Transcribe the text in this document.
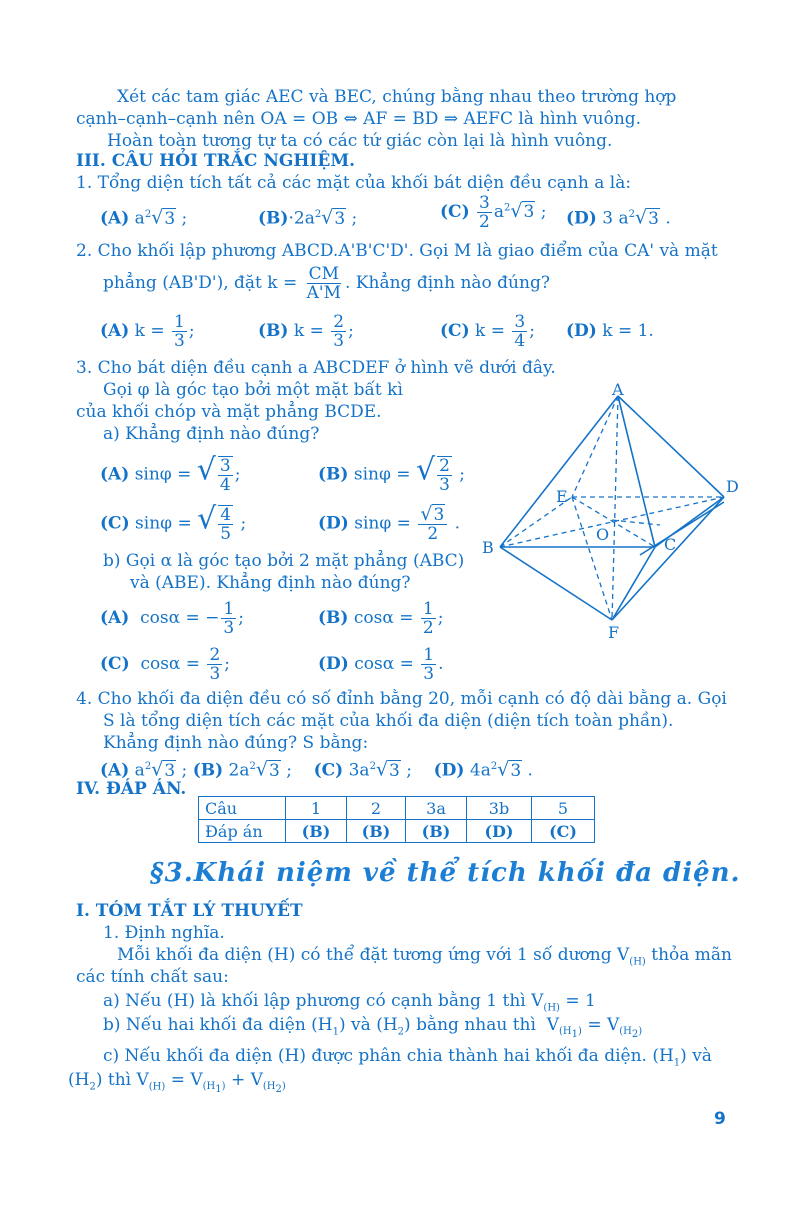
Xét các tam giác AEC và BEC, chúng bằng nhau theo trường hợp
cạnh–cạnh–cạnh nên OA = OB ⇔ AF = BD ⇒ AEFC là hình vuông.
Hoàn toàn tương tự ta có các tứ giác còn lại là hình vuông.
III. CÂU HỎI TRẮC NGHIỆM.
1. Tổng diện tích tất cả các mặt của khối bát diện đều cạnh a là:
(A) $a^2√3$ ;	$(B)\cdot 2a^2√3$ ;	$(C) \frac{3}{2} a^2√3$ ; (D) 3 $a^2√3$ .
2. Cho khối lập phương ABCD.A'B'C'D'. Gọi M là giao điểm của CA' và mặt
phẳng (AB'D'), đặt $k = \frac{CM}{A'M}$ . Khẳng định nào đúng?
(A) $k = \frac{1}{3}$ ;	(B) $k = \frac{2}{3}$ ;	(C) $k = \frac{3}{4}$ ; (D) k = 1.
3. Cho bát diện đều cạnh a ABCDEF ở hình vẽ dưới đây.
Gọi φ là góc tạo bởi một mặt bất kì
của khối chóp và mặt phẳng BCDE.
a) Khẳng định nào đúng?
(A) sinφ = √ $\frac{3}{4}$ ;	(B) sinφ = √ $\frac{2}{3}$ ;
(C) sinφ = √ $\frac{4}{5}$ ;	(D) $\sin\varphi = \frac{√3}{2}$ .
b) Gọi α là góc tạo bởi 2 mặt phẳng (ABC)
và (ABE). Khẳng định nào đúng?
(A) cosα = − $\frac{1}{3}$ ;	(B) $\cos\alpha = \frac{1}{2}$ ;
(C) $\cos\alpha = \frac{2}{3}$ ;	(D) $\cos\alpha = \frac{1}{3}$ .
A
B	C
D
E
O
F
4. Cho khối đa diện đều có số đỉnh bằng 20, mỗi cạnh có độ dài bằng a. Gọi
S là tổng diện tích các mặt của khối đa diện (diện tích toàn phần).
Khẳng định nào đúng? S bằng:
(A) $a^2√3$ ; (B) $2a^2√3$ ;    (C) $3a^2√3$ ;    (D) $4a^2√3$ .
IV. ĐÁP ÁN.
Câu	1	2	3a	3b	5
Đáp án	(B)	(B)	(B)	(D)	(C)
§3.Khái niệm về thể tích khối đa diện.
I. TÓM TẮT LÝ THUYẾT
1. Định nghĩa.
Mỗi khối đa diện (H) có thể đặt tương ứng với 1 số dương $V_{(H)}$ thỏa mãn
các tính chất sau:
a) Nếu (H) là khối lập phương có cạnh bằng 1 thì $V_{(H)} = 1$
b) Nếu hai khối đa diện $(H_1)$ và $(H_2)$ bằng nhau thì  $V_{(H_1)} = V_{(H_2)}$
c) Nếu khối đa diện (H) được phân chia thành hai khối đa diện. $(H_1)$ và
$(H_2)$ thì $V_{(H)} = V_{(H_1)} + V_{(H_2)}$
9
